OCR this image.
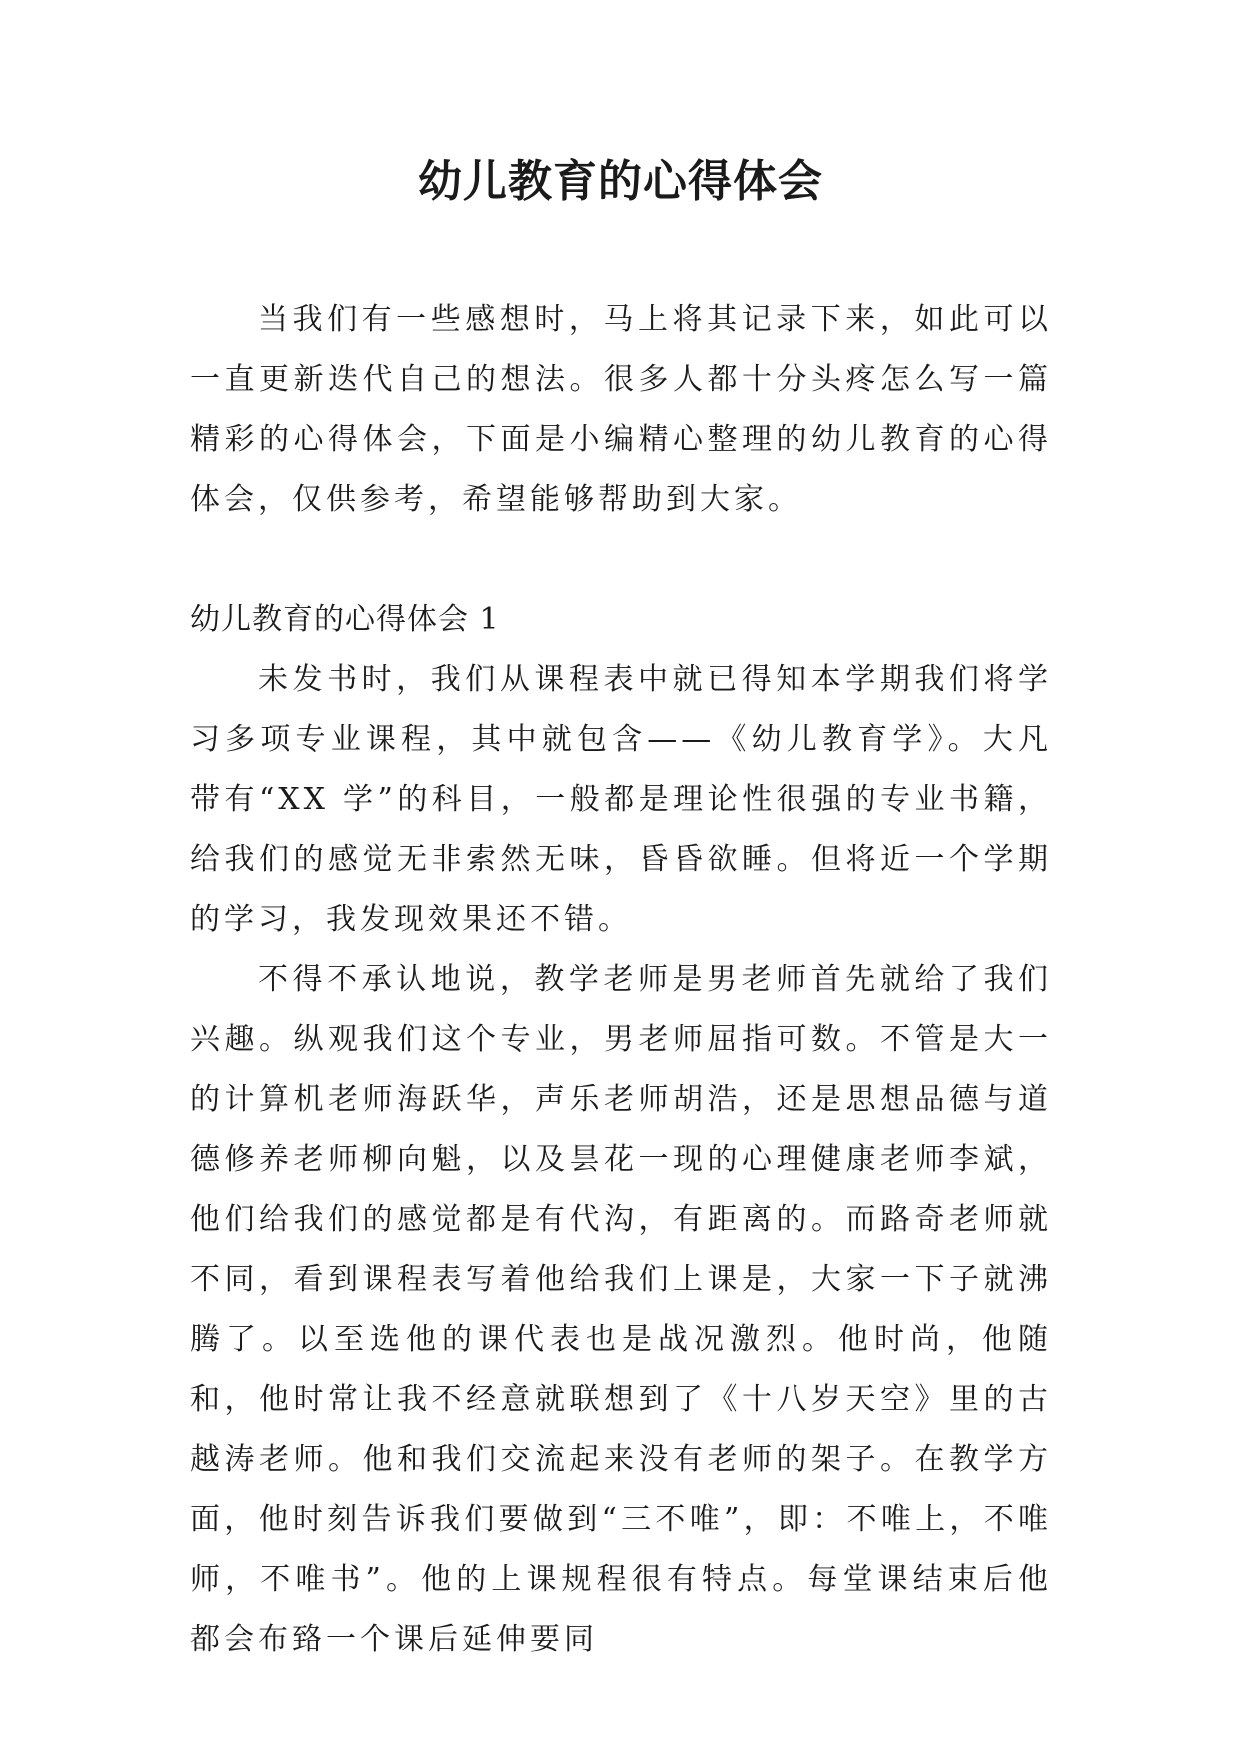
幼儿教育的心得体会

当我们有一些感想时，马上将其记录下来，如此可以一直更新迭代自己的想法。很多人都十分头疼怎么写一篇精彩的心得体会，下面是小编精心整理的幼儿教育的心得体会，仅供参考，希望能够帮助到大家。

幼儿教育的心得体会 1

未发书时，我们从课程表中就已得知本学期我们将学习多项专业课程，其中就包含——《幼儿教育学》。大凡带有“XX 学”的科目，一般都是理论性很强的专业书籍，给我们的感觉无非索然无味，昏昏欲睡。但将近一个学期的学习，我发现效果还不错。

不得不承认地说，教学老师是男老师首先就给了我们兴趣。纵观我们这个专业，男老师屈指可数。不管是大一的计算机老师海跃华，声乐老师胡浩，还是思想品德与道德修养老师柳向魁，以及昙花一现的心理健康老师李斌，他们给我们的感觉都是有代沟，有距离的。而路奇老师就不同，看到课程表写着他给我们上课是，大家一下子就沸腾了。以至选他的课代表也是战况激烈。他时尚，他随和，他时常让我不经意就联想到了《十八岁天空》里的古越涛老师。他和我们交流起来没有老师的架子。在教学方面，他时刻告诉我们要做到“三不唯”，即：不唯上，不唯师，不唯书”。他的上课规程很有特点。每堂课结束后他都会布臵一个课后延伸要同
